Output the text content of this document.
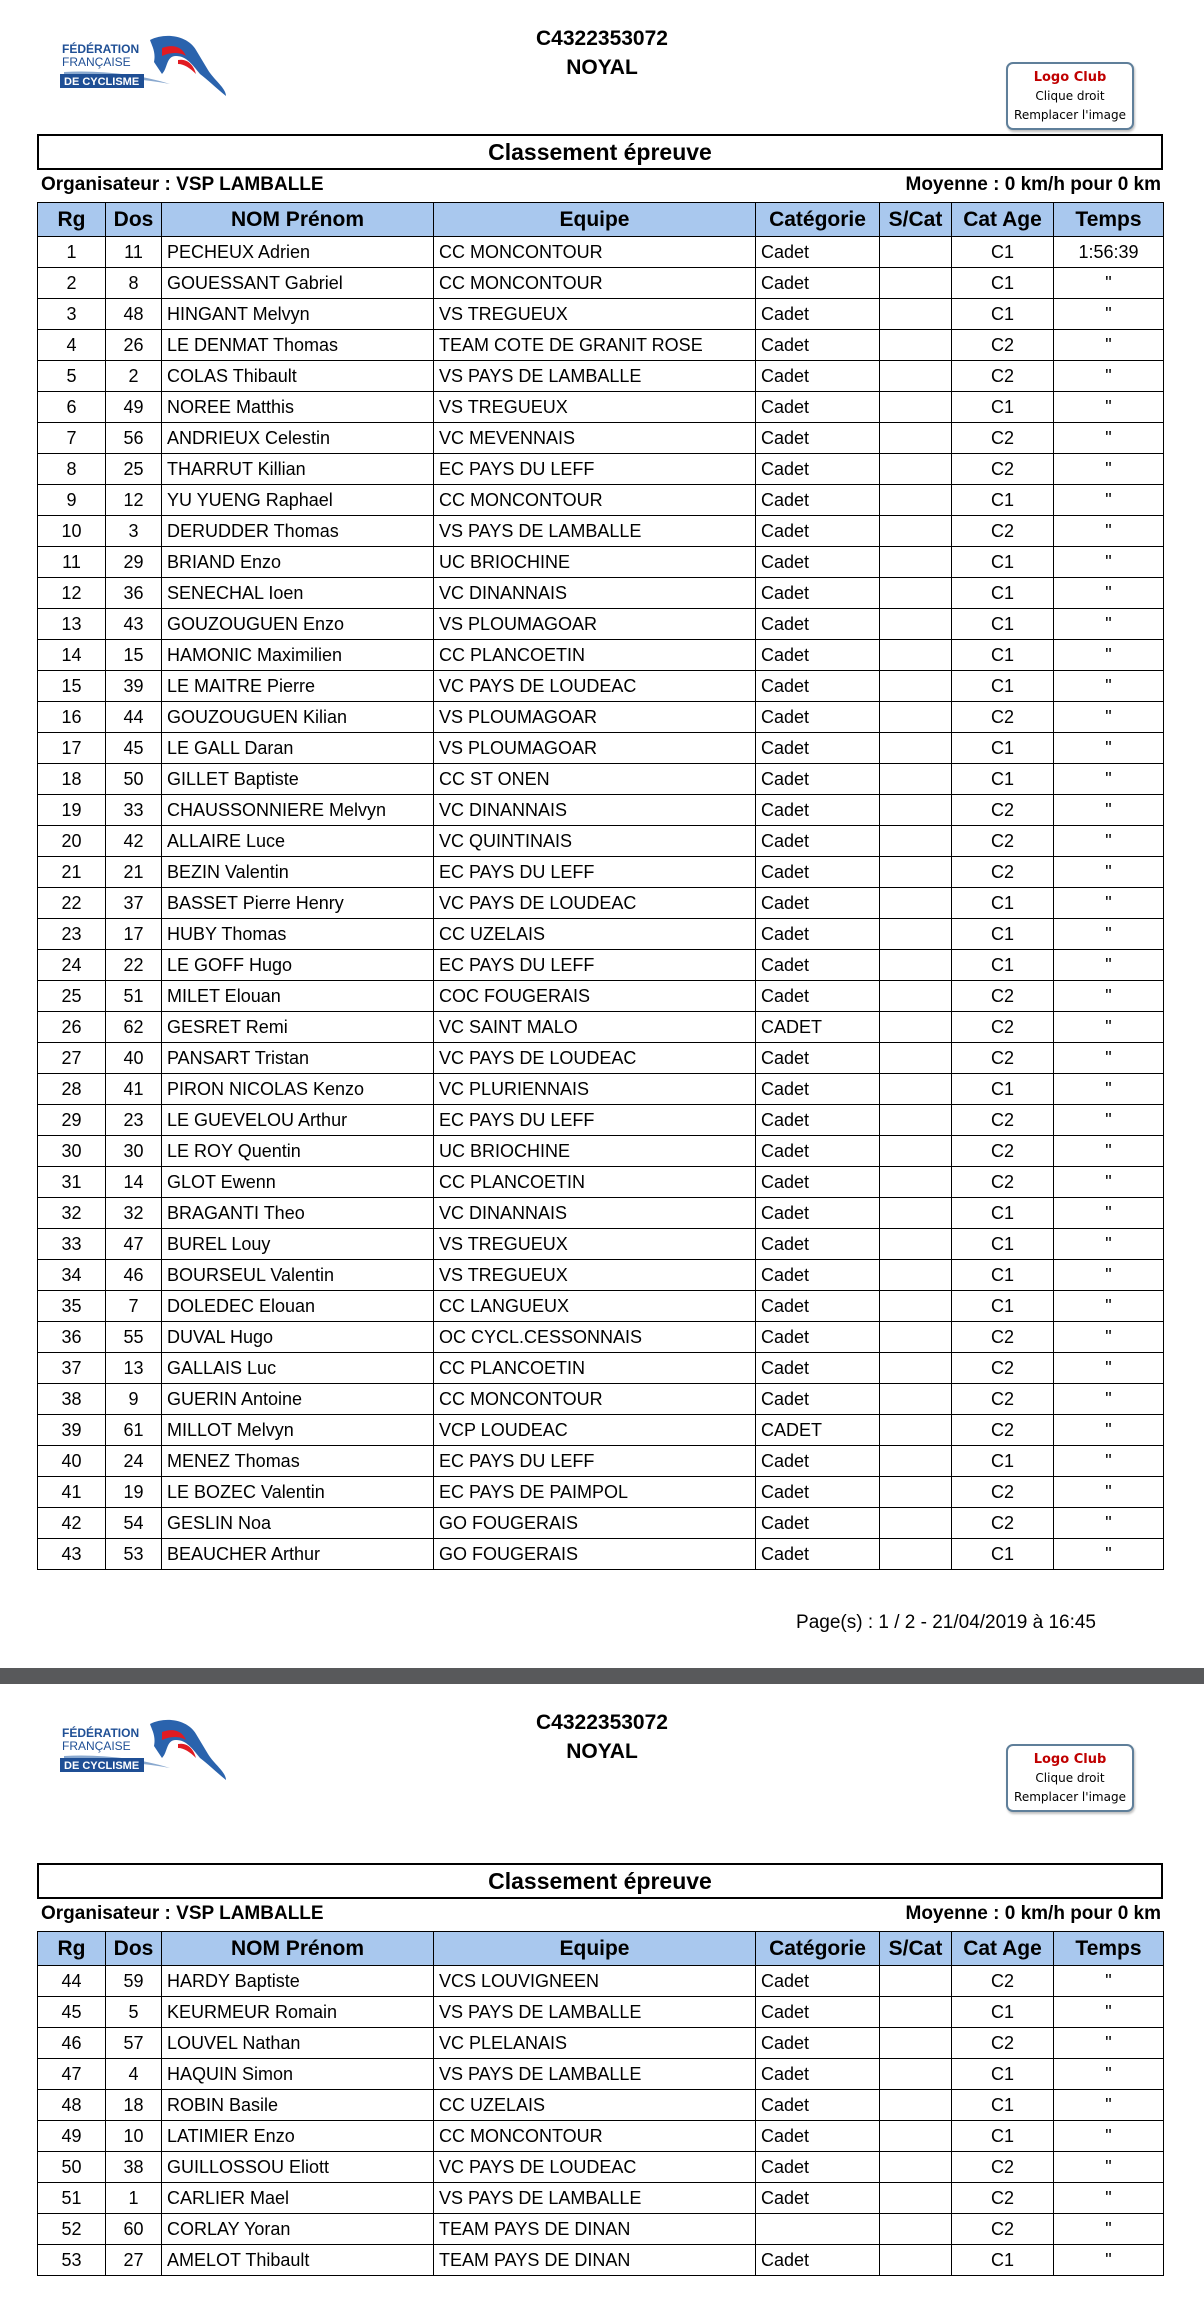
FÉDÉRATION
FRANÇAISE
DE CYCLISME
C4322353072
NOYAL	Logo Club
Clique droit
Remplacer l'image
Classement épreuve
Organisateur : VSP LAMBALLE	Moyenne : 0 km/h pour 0 km
Rg	Dos	NOM Prénom	Equipe	Catégorie	S/Cat	Cat Age	Temps
1	11	PECHEUX Adrien	CC MONCONTOUR	Cadet		C1	1:56:39
2	8	GOUESSANT Gabriel	CC MONCONTOUR	Cadet		C1	"
3	48	HINGANT Melvyn	VS TREGUEUX	Cadet		C1	"
4	26	LE DENMAT Thomas	TEAM COTE DE GRANIT ROSE	Cadet		C2	"
5	2	COLAS Thibault	VS PAYS DE LAMBALLE	Cadet		C2	"
6	49	NOREE Matthis	VS TREGUEUX	Cadet		C1	"
7	56	ANDRIEUX Celestin	VC MEVENNAIS	Cadet		C2	"
8	25	THARRUT Killian	EC PAYS DU LEFF	Cadet		C2	"
9	12	YU YUENG Raphael	CC MONCONTOUR	Cadet		C1	"
10	3	DERUDDER Thomas	VS PAYS DE LAMBALLE	Cadet		C2	"
11	29	BRIAND Enzo	UC BRIOCHINE	Cadet		C1	"
12	36	SENECHAL Ioen	VC DINANNAIS	Cadet		C1	"
13	43	GOUZOUGUEN Enzo	VS PLOUMAGOAR	Cadet		C1	"
14	15	HAMONIC Maximilien	CC PLANCOETIN	Cadet		C1	"
15	39	LE MAITRE Pierre	VC PAYS DE LOUDEAC	Cadet		C1	"
16	44	GOUZOUGUEN Kilian	VS PLOUMAGOAR	Cadet		C2	"
17	45	LE GALL Daran	VS PLOUMAGOAR	Cadet		C1	"
18	50	GILLET Baptiste	CC ST ONEN	Cadet		C1	"
19	33	CHAUSSONNIERE Melvyn	VC DINANNAIS	Cadet		C2	"
20	42	ALLAIRE Luce	VC QUINTINAIS	Cadet		C2	"
21	21	BEZIN Valentin	EC PAYS DU LEFF	Cadet		C2	"
22	37	BASSET Pierre Henry	VC PAYS DE LOUDEAC	Cadet		C1	"
23	17	HUBY Thomas	CC UZELAIS	Cadet		C1	"
24	22	LE GOFF Hugo	EC PAYS DU LEFF	Cadet		C1	"
25	51	MILET Elouan	COC FOUGERAIS	Cadet		C2	"
26	62	GESRET Remi	VC SAINT MALO	CADET		C2	"
27	40	PANSART Tristan	VC PAYS DE LOUDEAC	Cadet		C2	"
28	41	PIRON NICOLAS Kenzo	VC PLURIENNAIS	Cadet		C1	"
29	23	LE GUEVELOU Arthur	EC PAYS DU LEFF	Cadet		C2	"
30	30	LE ROY Quentin	UC BRIOCHINE	Cadet		C2	"
31	14	GLOT Ewenn	CC PLANCOETIN	Cadet		C2	"
32	32	BRAGANTI Theo	VC DINANNAIS	Cadet		C1	"
33	47	BUREL Louy	VS TREGUEUX	Cadet		C1	"
34	46	BOURSEUL Valentin	VS TREGUEUX	Cadet		C1	"
35	7	DOLEDEC Elouan	CC LANGUEUX	Cadet		C1	"
36	55	DUVAL Hugo	OC CYCL.CESSONNAIS	Cadet		C2	"
37	13	GALLAIS Luc	CC PLANCOETIN	Cadet		C2	"
38	9	GUERIN Antoine	CC MONCONTOUR	Cadet		C2	"
39	61	MILLOT Melvyn	VCP LOUDEAC	CADET		C2	"
40	24	MENEZ Thomas	EC PAYS DU LEFF	Cadet		C1	"
41	19	LE BOZEC Valentin	EC PAYS DE PAIMPOL	Cadet		C2	"
42	54	GESLIN Noa	GO FOUGERAIS	Cadet		C2	"
43	53	BEAUCHER Arthur	GO FOUGERAIS	Cadet		C1	"
Page(s) : 1 / 2 - 21/04/2019 à 16:45
FÉDÉRATION
FRANÇAISE
DE CYCLISME
C4322353072
NOYAL	Logo Club
Clique droit
Remplacer l'image
Classement épreuve
Organisateur : VSP LAMBALLE	Moyenne : 0 km/h pour 0 km
Rg	Dos	NOM Prénom	Equipe	Catégorie	S/Cat	Cat Age	Temps
44	59	HARDY Baptiste	VCS LOUVIGNEEN	Cadet		C2	"
45	5	KEURMEUR Romain	VS PAYS DE LAMBALLE	Cadet		C1	"
46	57	LOUVEL Nathan	VC PLELANAIS	Cadet		C2	"
47	4	HAQUIN Simon	VS PAYS DE LAMBALLE	Cadet		C1	"
48	18	ROBIN Basile	CC UZELAIS	Cadet		C1	"
49	10	LATIMIER Enzo	CC MONCONTOUR	Cadet		C1	"
50	38	GUILLOSSOU Eliott	VC PAYS DE LOUDEAC	Cadet		C2	"
51	1	CARLIER Mael	VS PAYS DE LAMBALLE	Cadet		C2	"
52	60	CORLAY Yoran	TEAM PAYS DE DINAN			C2	"
53	27	AMELOT Thibault	TEAM PAYS DE DINAN	Cadet		C1	"
